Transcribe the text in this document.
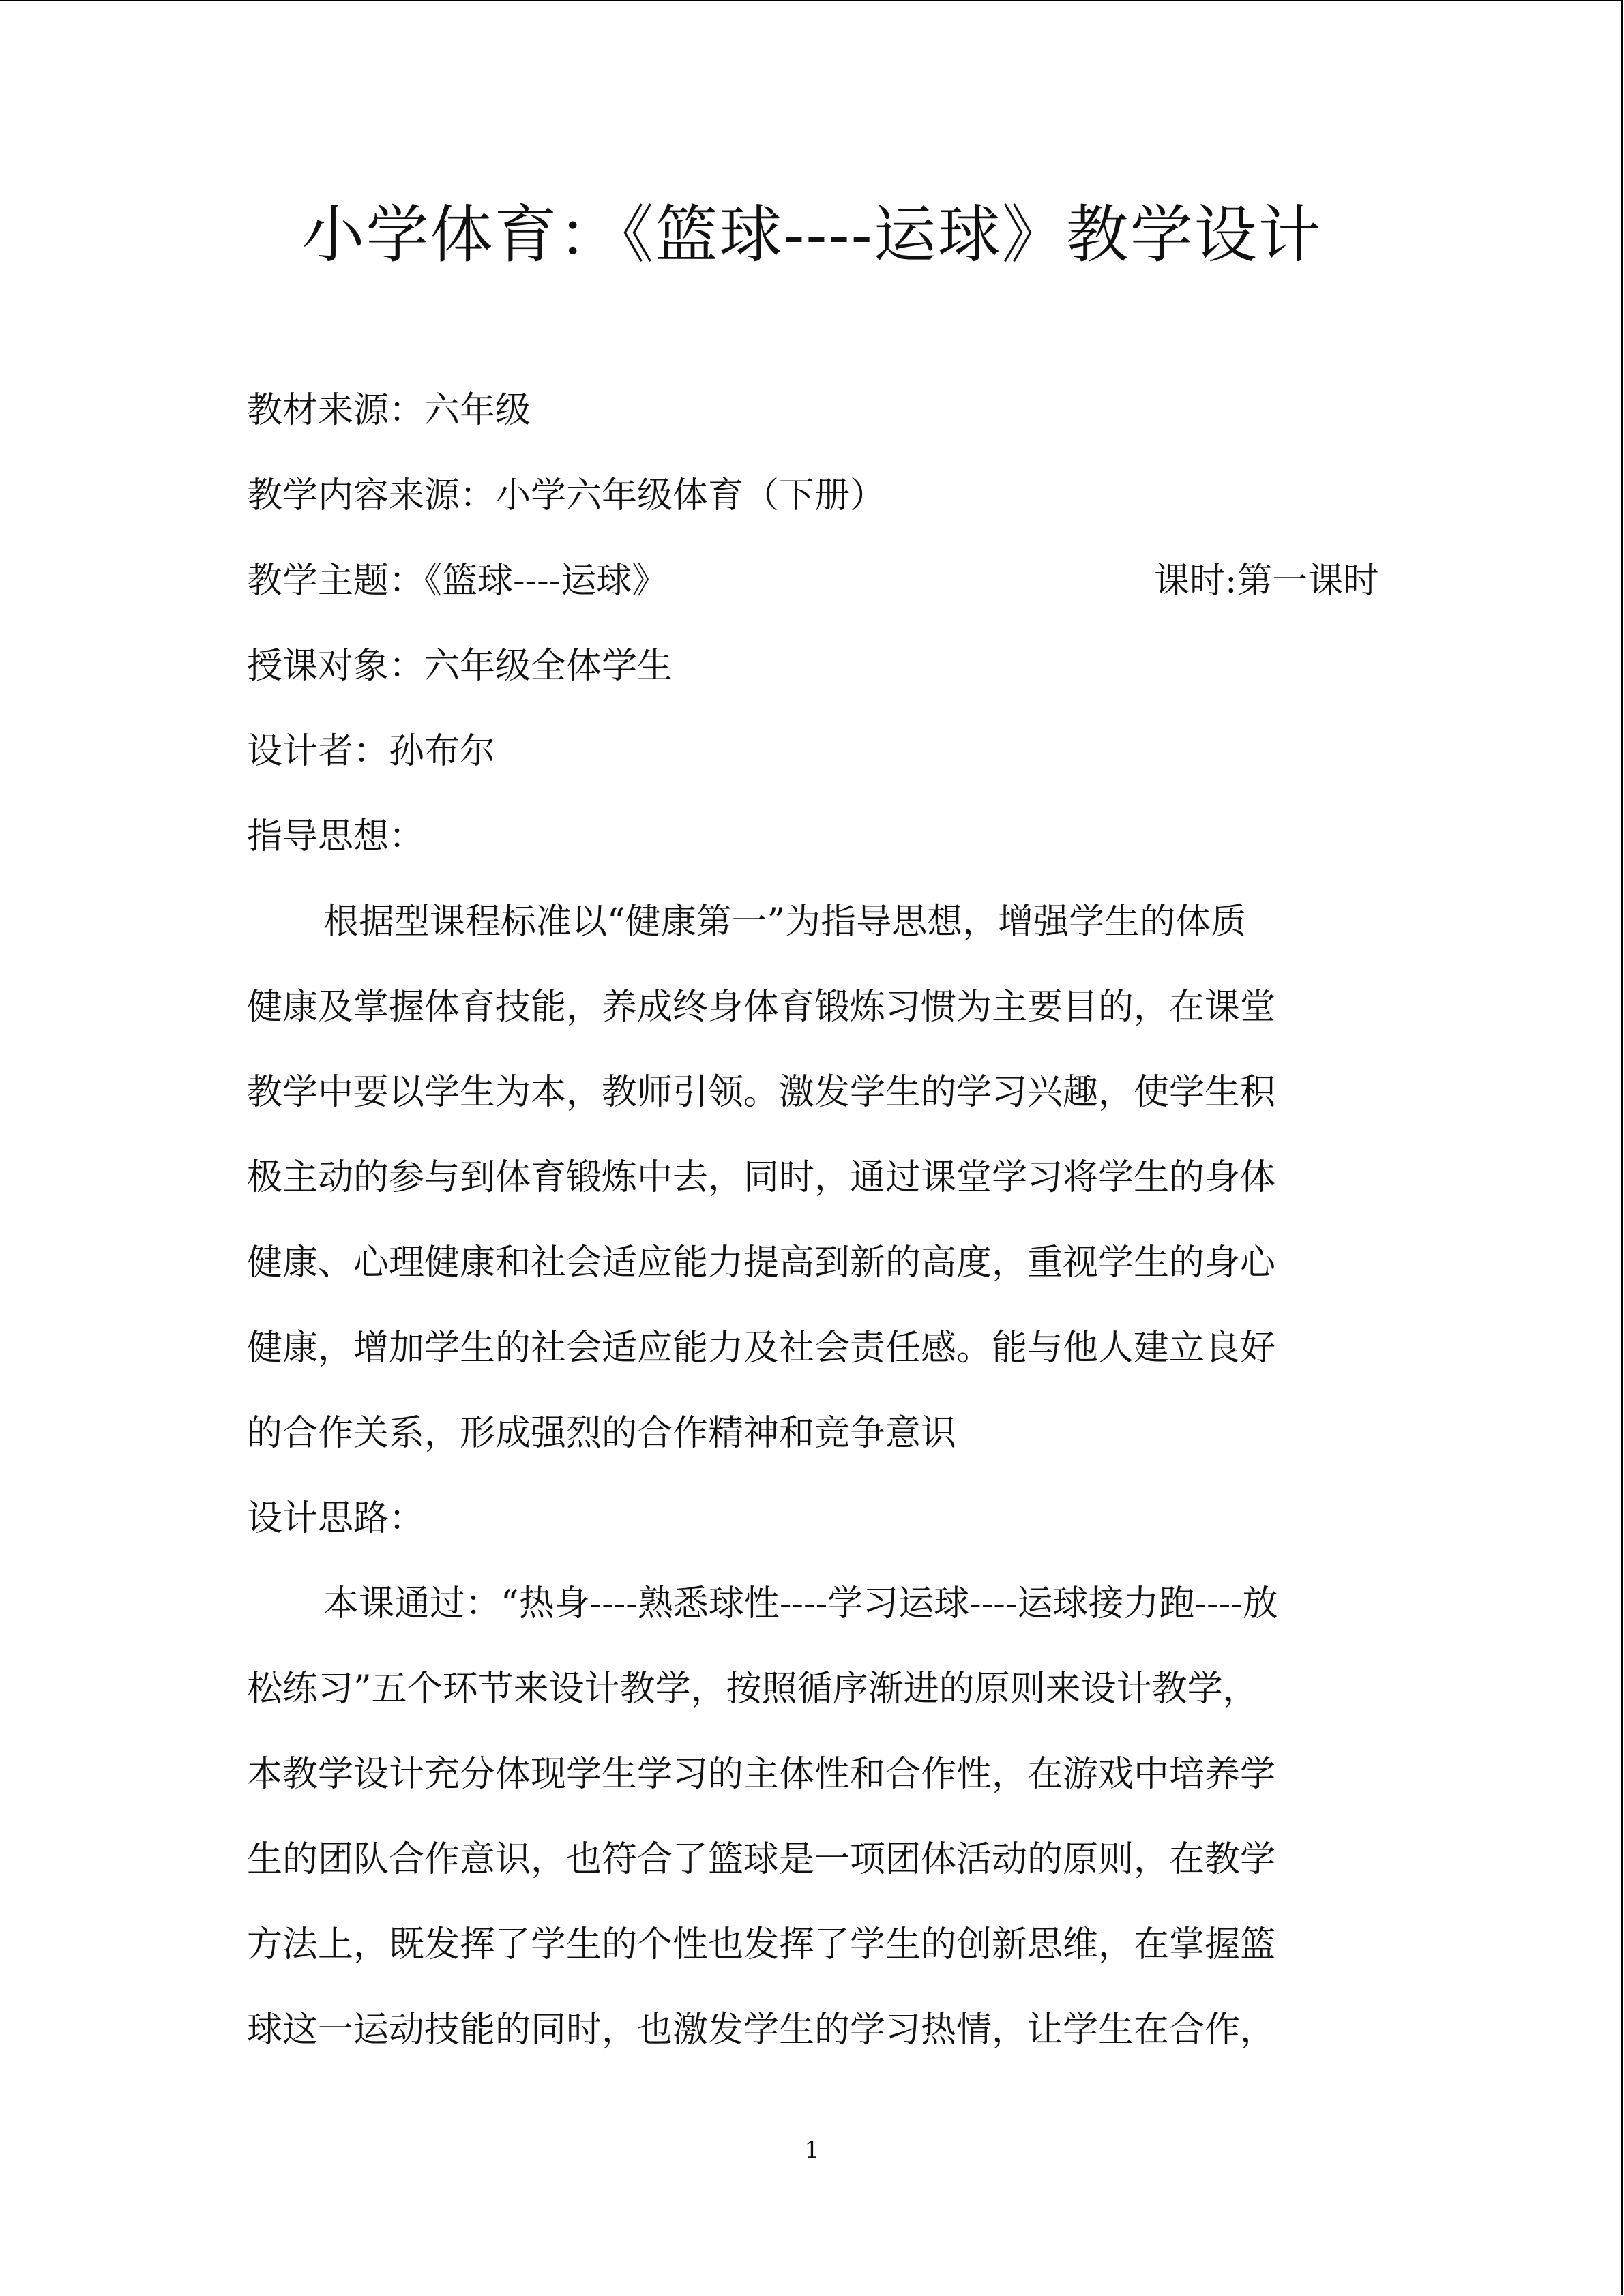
小学体育：《篮球----运球》教学设计
教材来源：六年级
教学内容来源：小学六年级体育（下册）
教学主题：《篮球----运球》	课时:第一课时
授课对象：六年级全体学生
设计者：孙布尔
指导思想：
根据型课程标准以“健康第一”为指导思想，增强学生的体质
健康及掌握体育技能，养成终身体育锻炼习惯为主要目的，在课堂
教学中要以学生为本，教师引领。激发学生的学习兴趣，使学生积
极主动的参与到体育锻炼中去，同时，通过课堂学习将学生的身体
健康、心理健康和社会适应能力提高到新的高度，重视学生的身心
健康，增加学生的社会适应能力及社会责任感。能与他人建立良好
的合作关系，形成强烈的合作精神和竞争意识
设计思路：
本课通过：“热身----熟悉球性----学习运球----运球接力跑----放
松练习”五个环节来设计教学，按照循序渐进的原则来设计教学，
本教学设计充分体现学生学习的主体性和合作性，在游戏中培养学
生的团队合作意识，也符合了篮球是一项团体活动的原则，在教学
方法上，既发挥了学生的个性也发挥了学生的创新思维，在掌握篮
球这一运动技能的同时，也激发学生的学习热情，让学生在合作，
1
